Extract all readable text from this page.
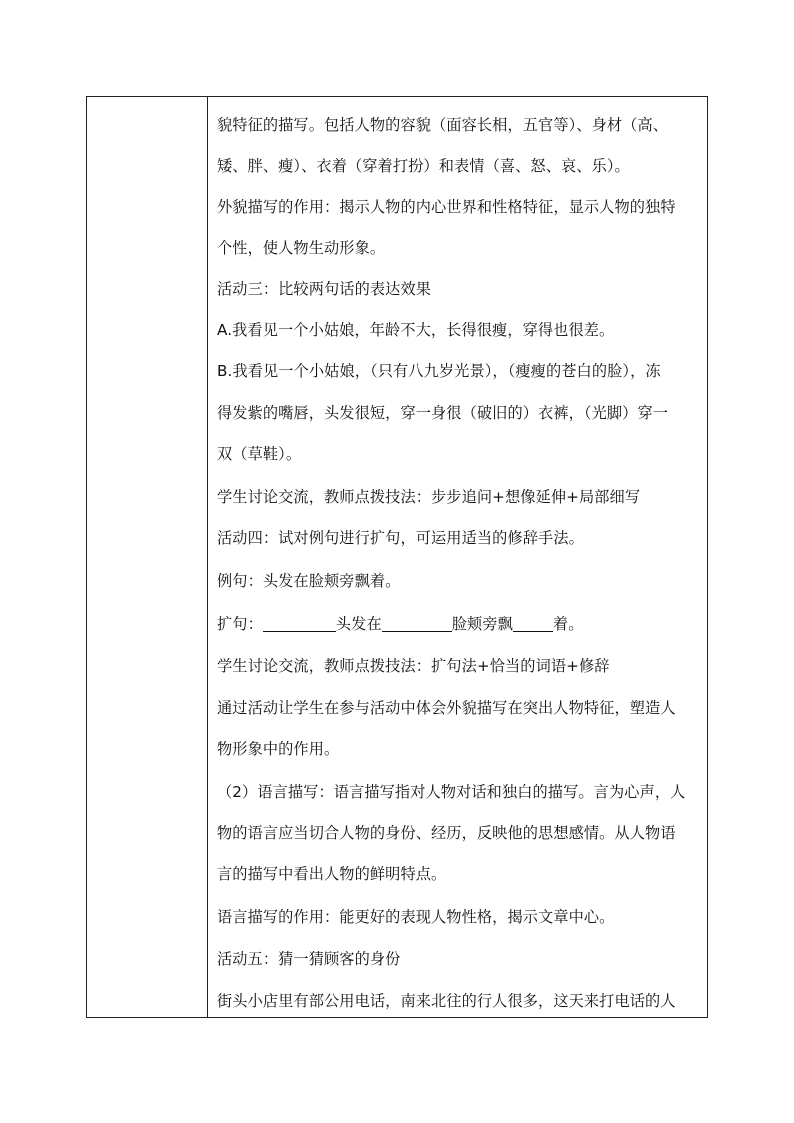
貌特征的描写。包括人物的容貌（面容长相，五官等）、身材（高、

矮、胖、瘦）、衣着（穿着打扮）和表情（喜、怒、哀、乐）。

外貌描写的作用：揭示人物的内心世界和性格特征，显示人物的独特

个性，使人物生动形象。

活动三：比较两句话的表达效果

A.我看见一个小姑娘，年龄不大，长得很瘦，穿得也很差。

B.我看见一个小姑娘，（只有八九岁光景），（瘦瘦的苍白的脸），冻

得发紫的嘴唇，头发很短，穿一身很（破旧的）衣裤，（光脚）穿一

双（草鞋）。

学生讨论交流，教师点拨技法：步步追问+想像延伸+局部细写

活动四：试对例句进行扩句，可运用适当的修辞手法。

例句：头发在脸颊旁飘着。

扩句：	头发在	脸颊旁飘	着。

学生讨论交流，教师点拨技法：扩句法+恰当的词语+修辞

通过活动让学生在参与活动中体会外貌描写在突出人物特征，塑造人

物形象中的作用。

（2）语言描写：语言描写指对人物对话和独白的描写。言为心声，人

物的语言应当切合人物的身份、经历，反映他的思想感情。从人物语

言的描写中看出人物的鲜明特点。

语言描写的作用：能更好的表现人物性格，揭示文章中心。

活动五：猜一猜顾客的身份

街头小店里有部公用电话，南来北往的行人很多，这天来打电话的人
